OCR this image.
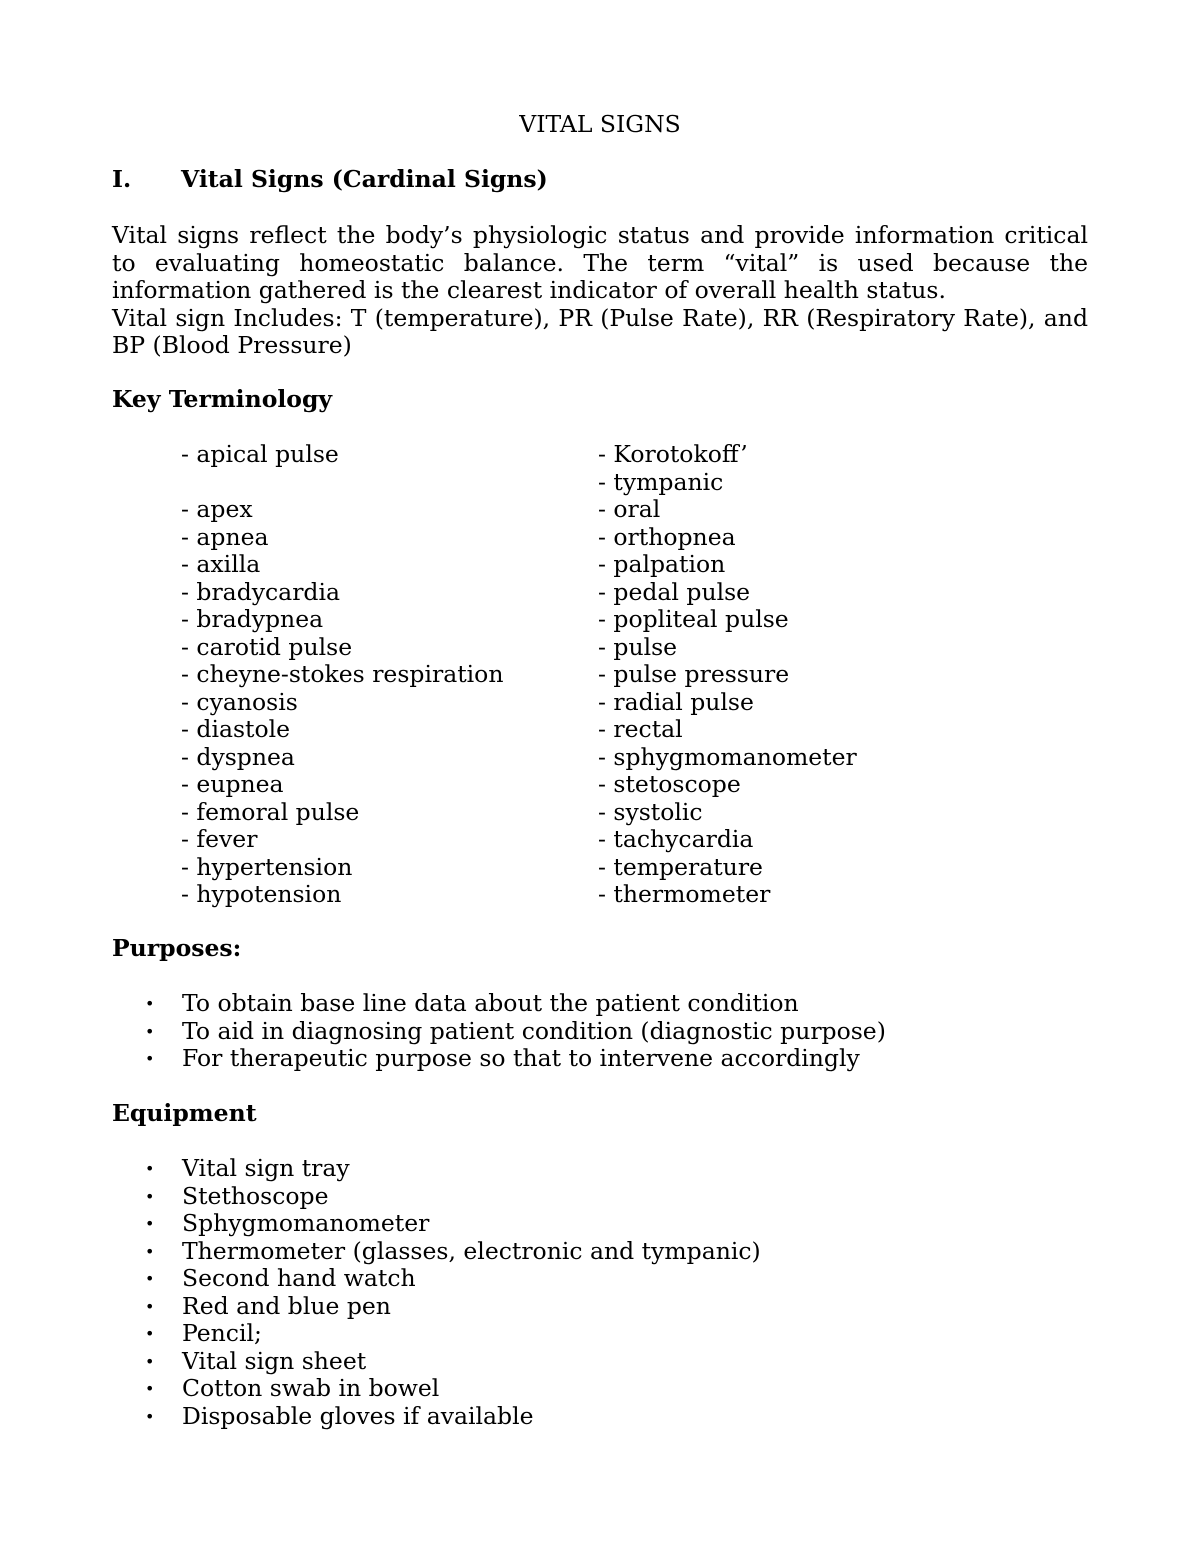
VITAL SIGNS
I. Vital Signs (Cardinal Signs)

Vital signs reflect the body’s physiologic status and provide information critical to evaluating homeostatic balance. The term “vital” is used because the information gathered is the clearest indicator of overall health status.

Vital sign Includes: T (temperature), PR (Pulse Rate), RR (Respiratory Rate), and BP (Blood Pressure)

Key Terminology
- apical pulse
- apex
- apnea
- axilla
- bradycardia
- bradypnea
- carotid pulse
- cheyne-stokes respiration
- cyanosis
- diastole
- dyspnea
- eupnea
- femoral pulse
- fever
- hypertension
- hypotension
- Korotokoff’
- tympanic
- oral
- orthopnea
- palpation
- pedal pulse
- popliteal pulse
- pulse
- pulse pressure
- radial pulse
- rectal
- sphygmomanometer
- stetoscope
- systolic
- tachycardia
- temperature
- thermometer
Purposes:
• To obtain base line data about the patient condition
• To aid in diagnosing patient condition (diagnostic purpose)
• For therapeutic purpose so that to intervene accordingly
Equipment
• Vital sign tray
• Stethoscope
• Sphygmomanometer
• Thermometer (glasses, electronic and tympanic)
• Second hand watch
• Red and blue pen
• Pencil;
• Vital sign sheet
• Cotton swab in bowel
• Disposable gloves if available
